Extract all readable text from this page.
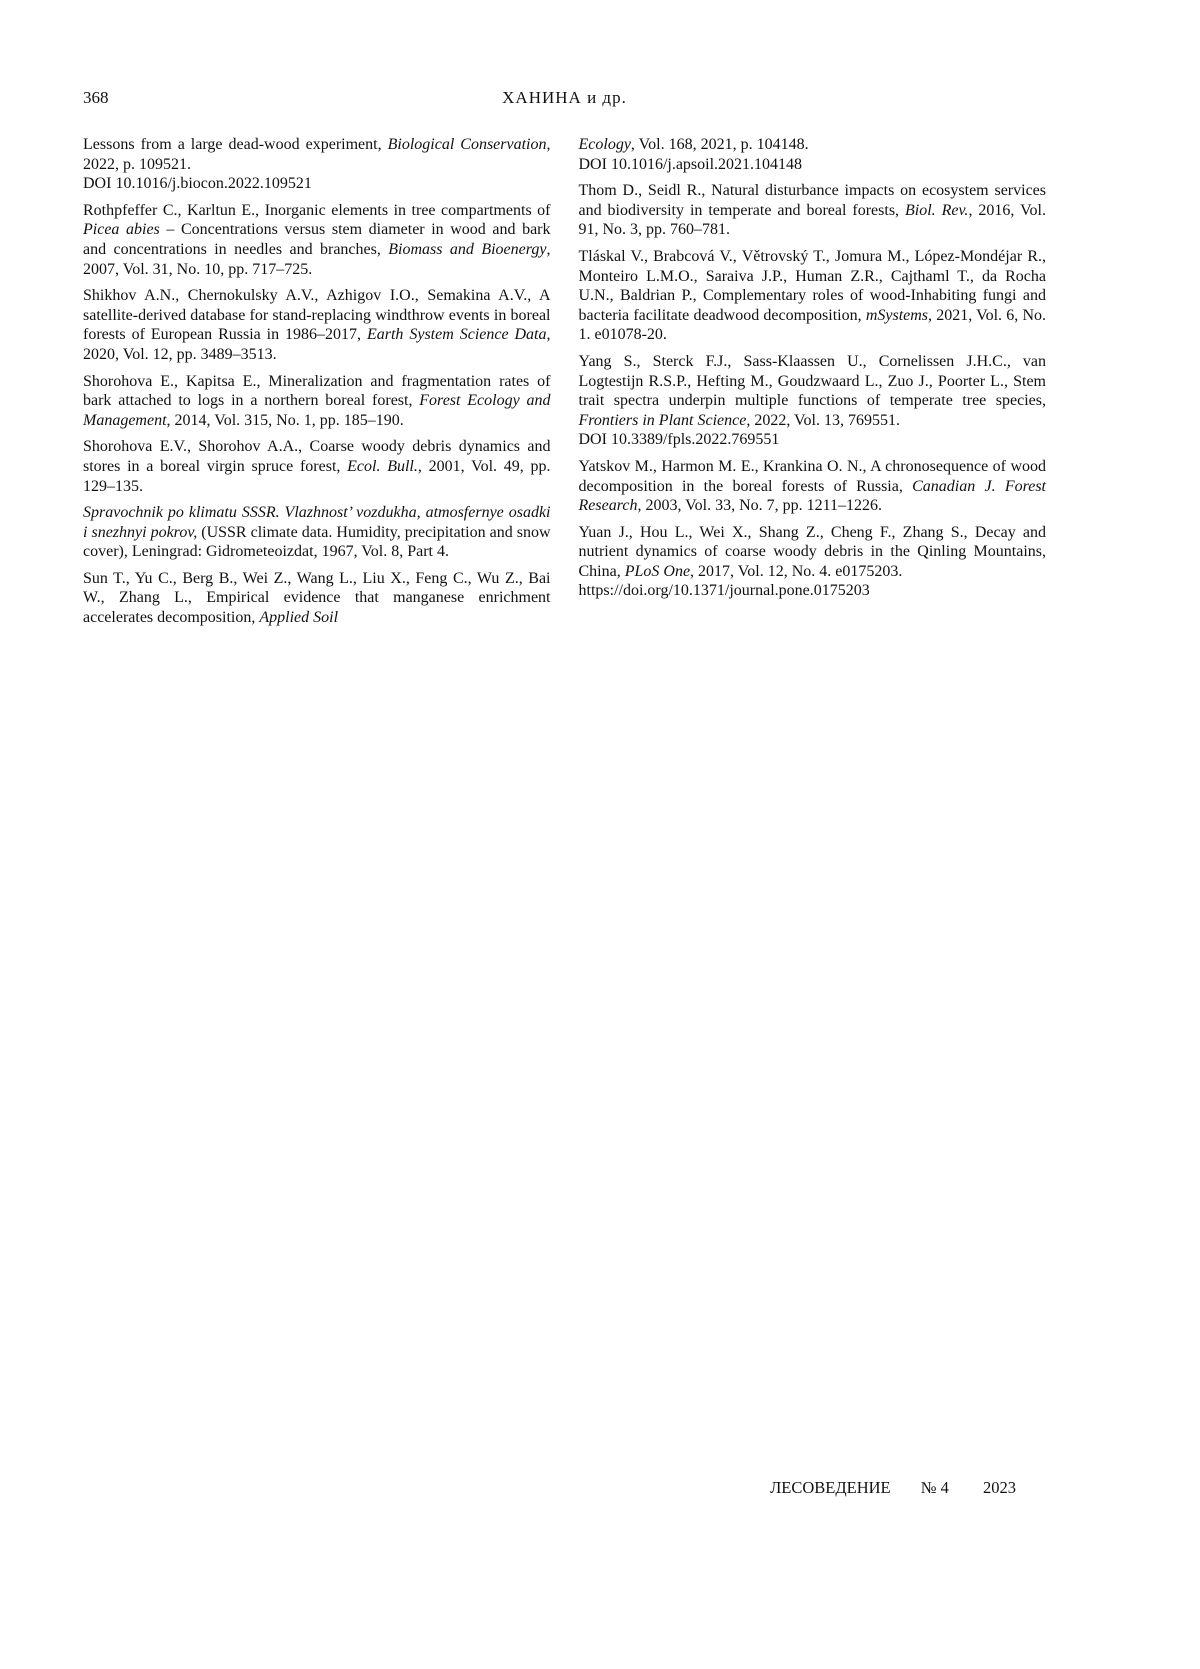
368	ХАНИНА и др.

Lessons from a large dead-wood experiment, Biological Conservation, 2022, p. 109521.
DOI 10.1016/j.biocon.2022.109521

Rothpfeffer C., Karltun E., Inorganic elements in tree compartments of Picea abies – Concentrations versus stem diameter in wood and bark and concentrations in needles and branches, Biomass and Bioenergy, 2007, Vol. 31, No. 10, pp. 717–725.

Shikhov A.N., Chernokulsky A.V., Azhigov I.O., Semakina A.V., A satellite-derived database for stand-replacing windthrow events in boreal forests of European Russia in 1986–2017, Earth System Science Data, 2020, Vol. 12, pp. 3489–3513.

Shorohova E., Kapitsa E., Mineralization and fragmentation rates of bark attached to logs in a northern boreal forest, Forest Ecology and Management, 2014, Vol. 315, No. 1, pp. 185–190.

Shorohova E.V., Shorohov A.A., Coarse woody debris dynamics and stores in a boreal virgin spruce forest, Ecol. Bull., 2001, Vol. 49, pp. 129–135.

Spravochnik po klimatu SSSR. Vlazhnost’ vozdukha, atmosfernye osadki i snezhnyi pokrov, (USSR climate data. Humidity, precipitation and snow cover), Leningrad: Gidrometeoizdat, 1967, Vol. 8, Part 4.

Sun T., Yu C., Berg B., Wei Z., Wang L., Liu X., Feng C., Wu Z., Bai W., Zhang L., Empirical evidence that manganese enrichment accelerates decomposition, Applied Soil

Ecology, Vol. 168, 2021, p. 104148.
DOI 10.1016/j.apsoil.2021.104148

Thom D., Seidl R., Natural disturbance impacts on ecosystem services and biodiversity in temperate and boreal forests, Biol. Rev., 2016, Vol. 91, No. 3, pp. 760–781.

Tláskal V., Brabcová V., Větrovský T., Jomura M., López-Mondéjar R., Monteiro L.M.O., Saraiva J.P., Human Z.R., Cajthaml T., da Rocha U.N., Baldrian P., Complementary roles of wood-Inhabiting fungi and bacteria facilitate deadwood decomposition, mSystems, 2021, Vol. 6, No. 1. e01078-20.

Yang S., Sterck F.J., Sass-Klaassen U., Cornelissen J.H.C., van Logtestijn R.S.P., Hefting M., Goudzwaard L., Zuo J., Poorter L., Stem trait spectra underpin multiple functions of temperate tree species, Frontiers in Plant Science, 2022, Vol. 13, 769551.
DOI 10.3389/fpls.2022.769551

Yatskov M., Harmon M. E., Krankina O. N., A chronosequence of wood decomposition in the boreal forests of Russia, Canadian J. Forest Research, 2003, Vol. 33, No. 7, pp. 1211–1226.

Yuan J., Hou L., Wei X., Shang Z., Cheng F., Zhang S., Decay and nutrient dynamics of coarse woody debris in the Qinling Mountains, China, PLoS One, 2017, Vol. 12, No. 4. e0175203.
https://doi.org/10.1371/journal.pone.0175203

ЛЕСОВЕДЕНИЕ № 4 2023
